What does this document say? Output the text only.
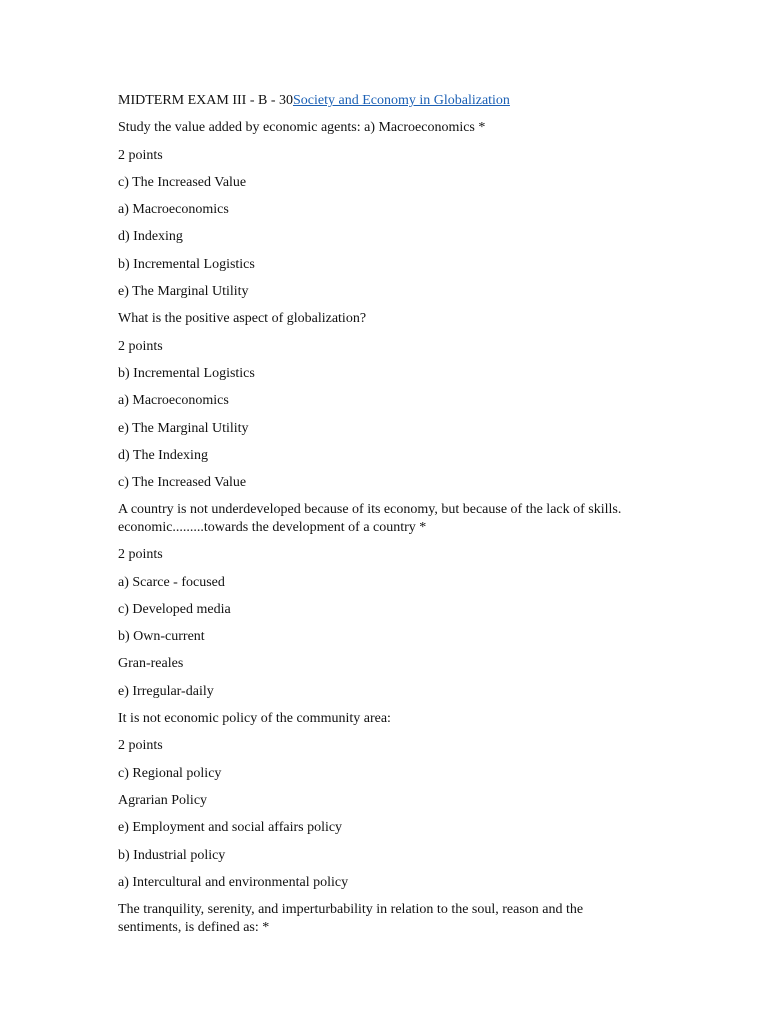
MIDTERM EXAM III - B - 30Society and Economy in Globalization
Study the value added by economic agents: a) Macroeconomics *
2 points
c) The Increased Value
a) Macroeconomics
d) Indexing
b) Incremental Logistics
e) The Marginal Utility
What is the positive aspect of globalization?
2 points
b) Incremental Logistics
a) Macroeconomics
e) The Marginal Utility
d) The Indexing
c) The Increased Value
A country is not underdeveloped because of its economy, but because of the lack of skills.
economic.........towards the development of a country *
2 points
a) Scarce - focused
c) Developed media
b) Own-current
Gran-reales
e) Irregular-daily
It is not economic policy of the community area:
2 points
c) Regional policy
Agrarian Policy
e) Employment and social affairs policy
b) Industrial policy
a) Intercultural and environmental policy
The tranquility, serenity, and imperturbability in relation to the soul, reason and the
sentiments, is defined as: *
